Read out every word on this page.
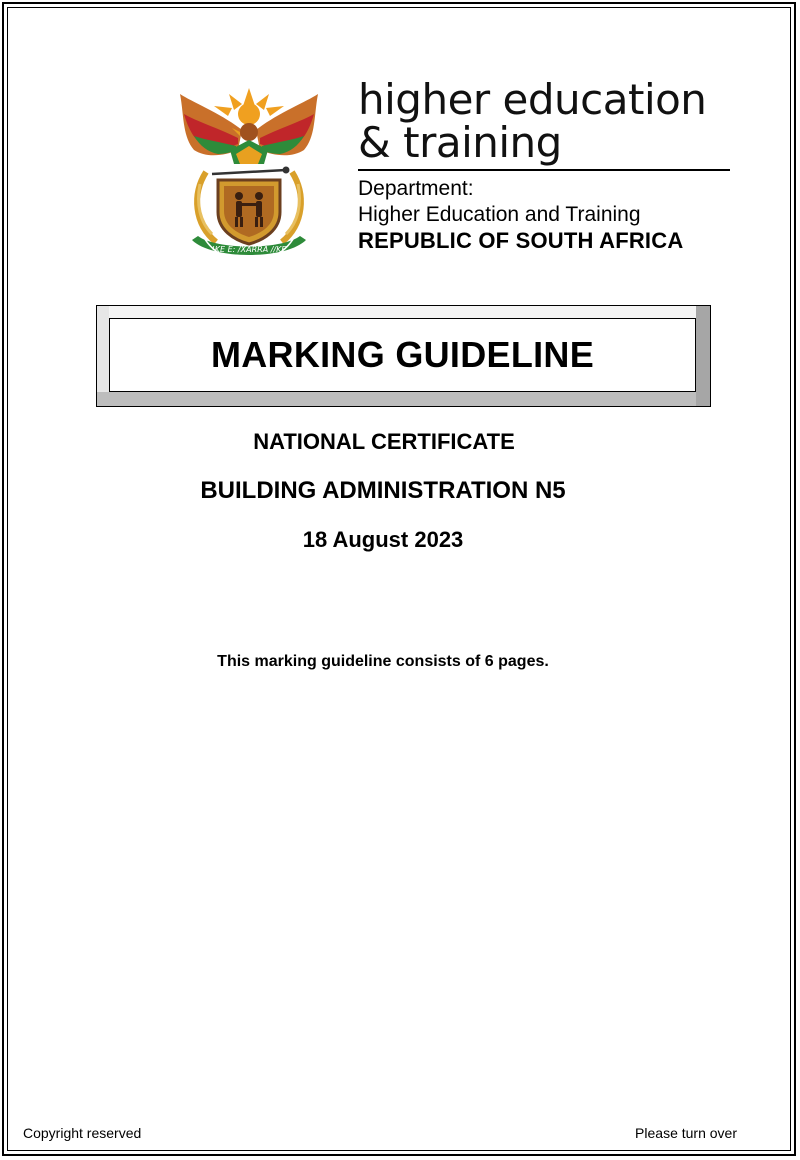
!KE E: /XARRA //KE
higher education
& training
Department:
Higher Education and Training
REPUBLIC OF SOUTH AFRICA
MARKING GUIDELINE
NATIONAL CERTIFICATE
BUILDING ADMINISTRATION N5
18 August 2023
This marking guideline consists of 6 pages.
Copyright reserved	Please turn over
